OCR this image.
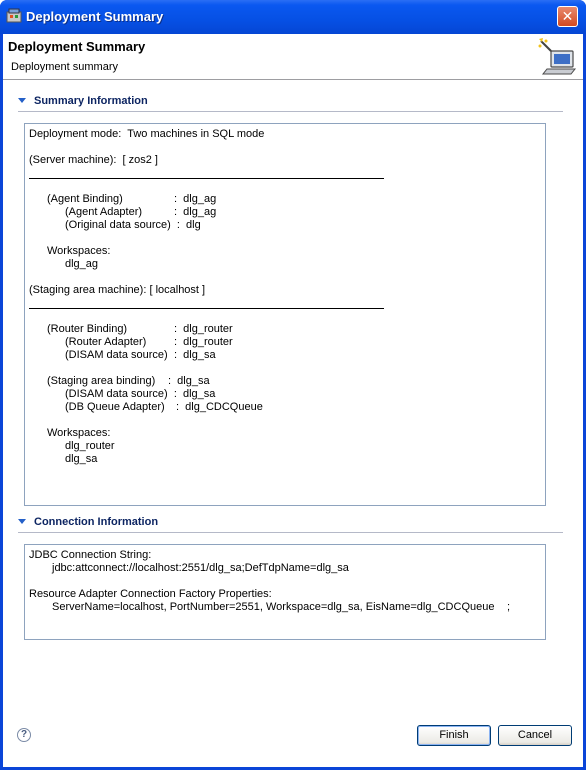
Deployment Summary	✕
Deployment Summary
Deployment summary
Summary Information
Deployment mode:  Two machines in SQL mode
(Server machine):  [ zos2 ]
(Agent Binding)	:  dlg_ag
(Agent Adapter)	:  dlg_ag
(Original data source)  :  dlg
Workspaces:
dlg_ag
(Staging area machine): [ localhost ]
(Router Binding)	:  dlg_router
(Router Adapter)	:  dlg_router
(DISAM data source) :  dlg_sa
(Staging area binding) :  dlg_sa
(DISAM data source)  :  dlg_sa
(DB Queue Adapter) :  dlg_CDCQueue
Workspaces:
dlg_router
dlg_sa
Connection Information
JDBC Connection String:
jdbc:attconnect://localhost:2551/dlg_sa;DefTdpName=dlg_sa
Resource Adapter Connection Factory Properties:
ServerName=localhost, PortNumber=2551, Workspace=dlg_sa, EisName=dlg_CDCQueue ;
?	Finish	Cancel
